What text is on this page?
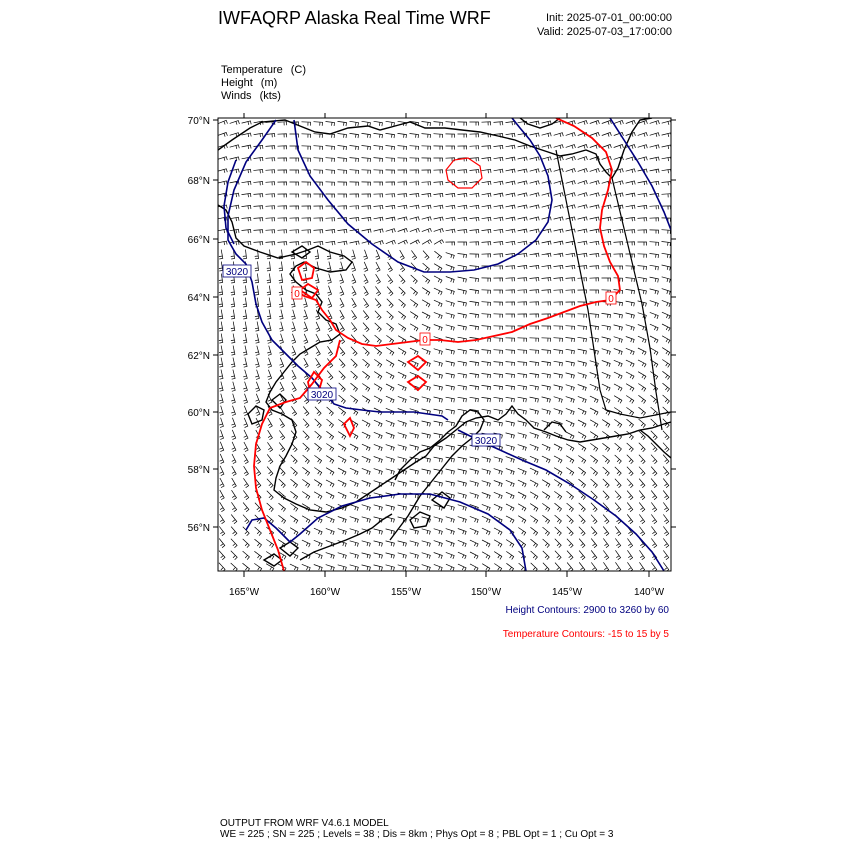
IWFAQRP Alaska Real Time WRF	Init: 2025-07-01_00:00:00
Valid: 2025-07-03_17:00:00
Temperature (C)
Height (m)
Winds (kts)
3020
3020
3020
0
0
0
70°N
68°N
66°N
64°N
62°N
60°N
58°N
56°N
165°W	160°W	155°W	150°W	145°W	140°W
Height Contours: 2900 to 3260 by 60
Temperature Contours: -15 to 15 by 5
OUTPUT FROM WRF V4.6.1 MODEL
WE = 225 ; SN = 225 ; Levels = 38 ; Dis = 8km ; Phys Opt = 8 ; PBL Opt = 1 ; Cu Opt = 3
